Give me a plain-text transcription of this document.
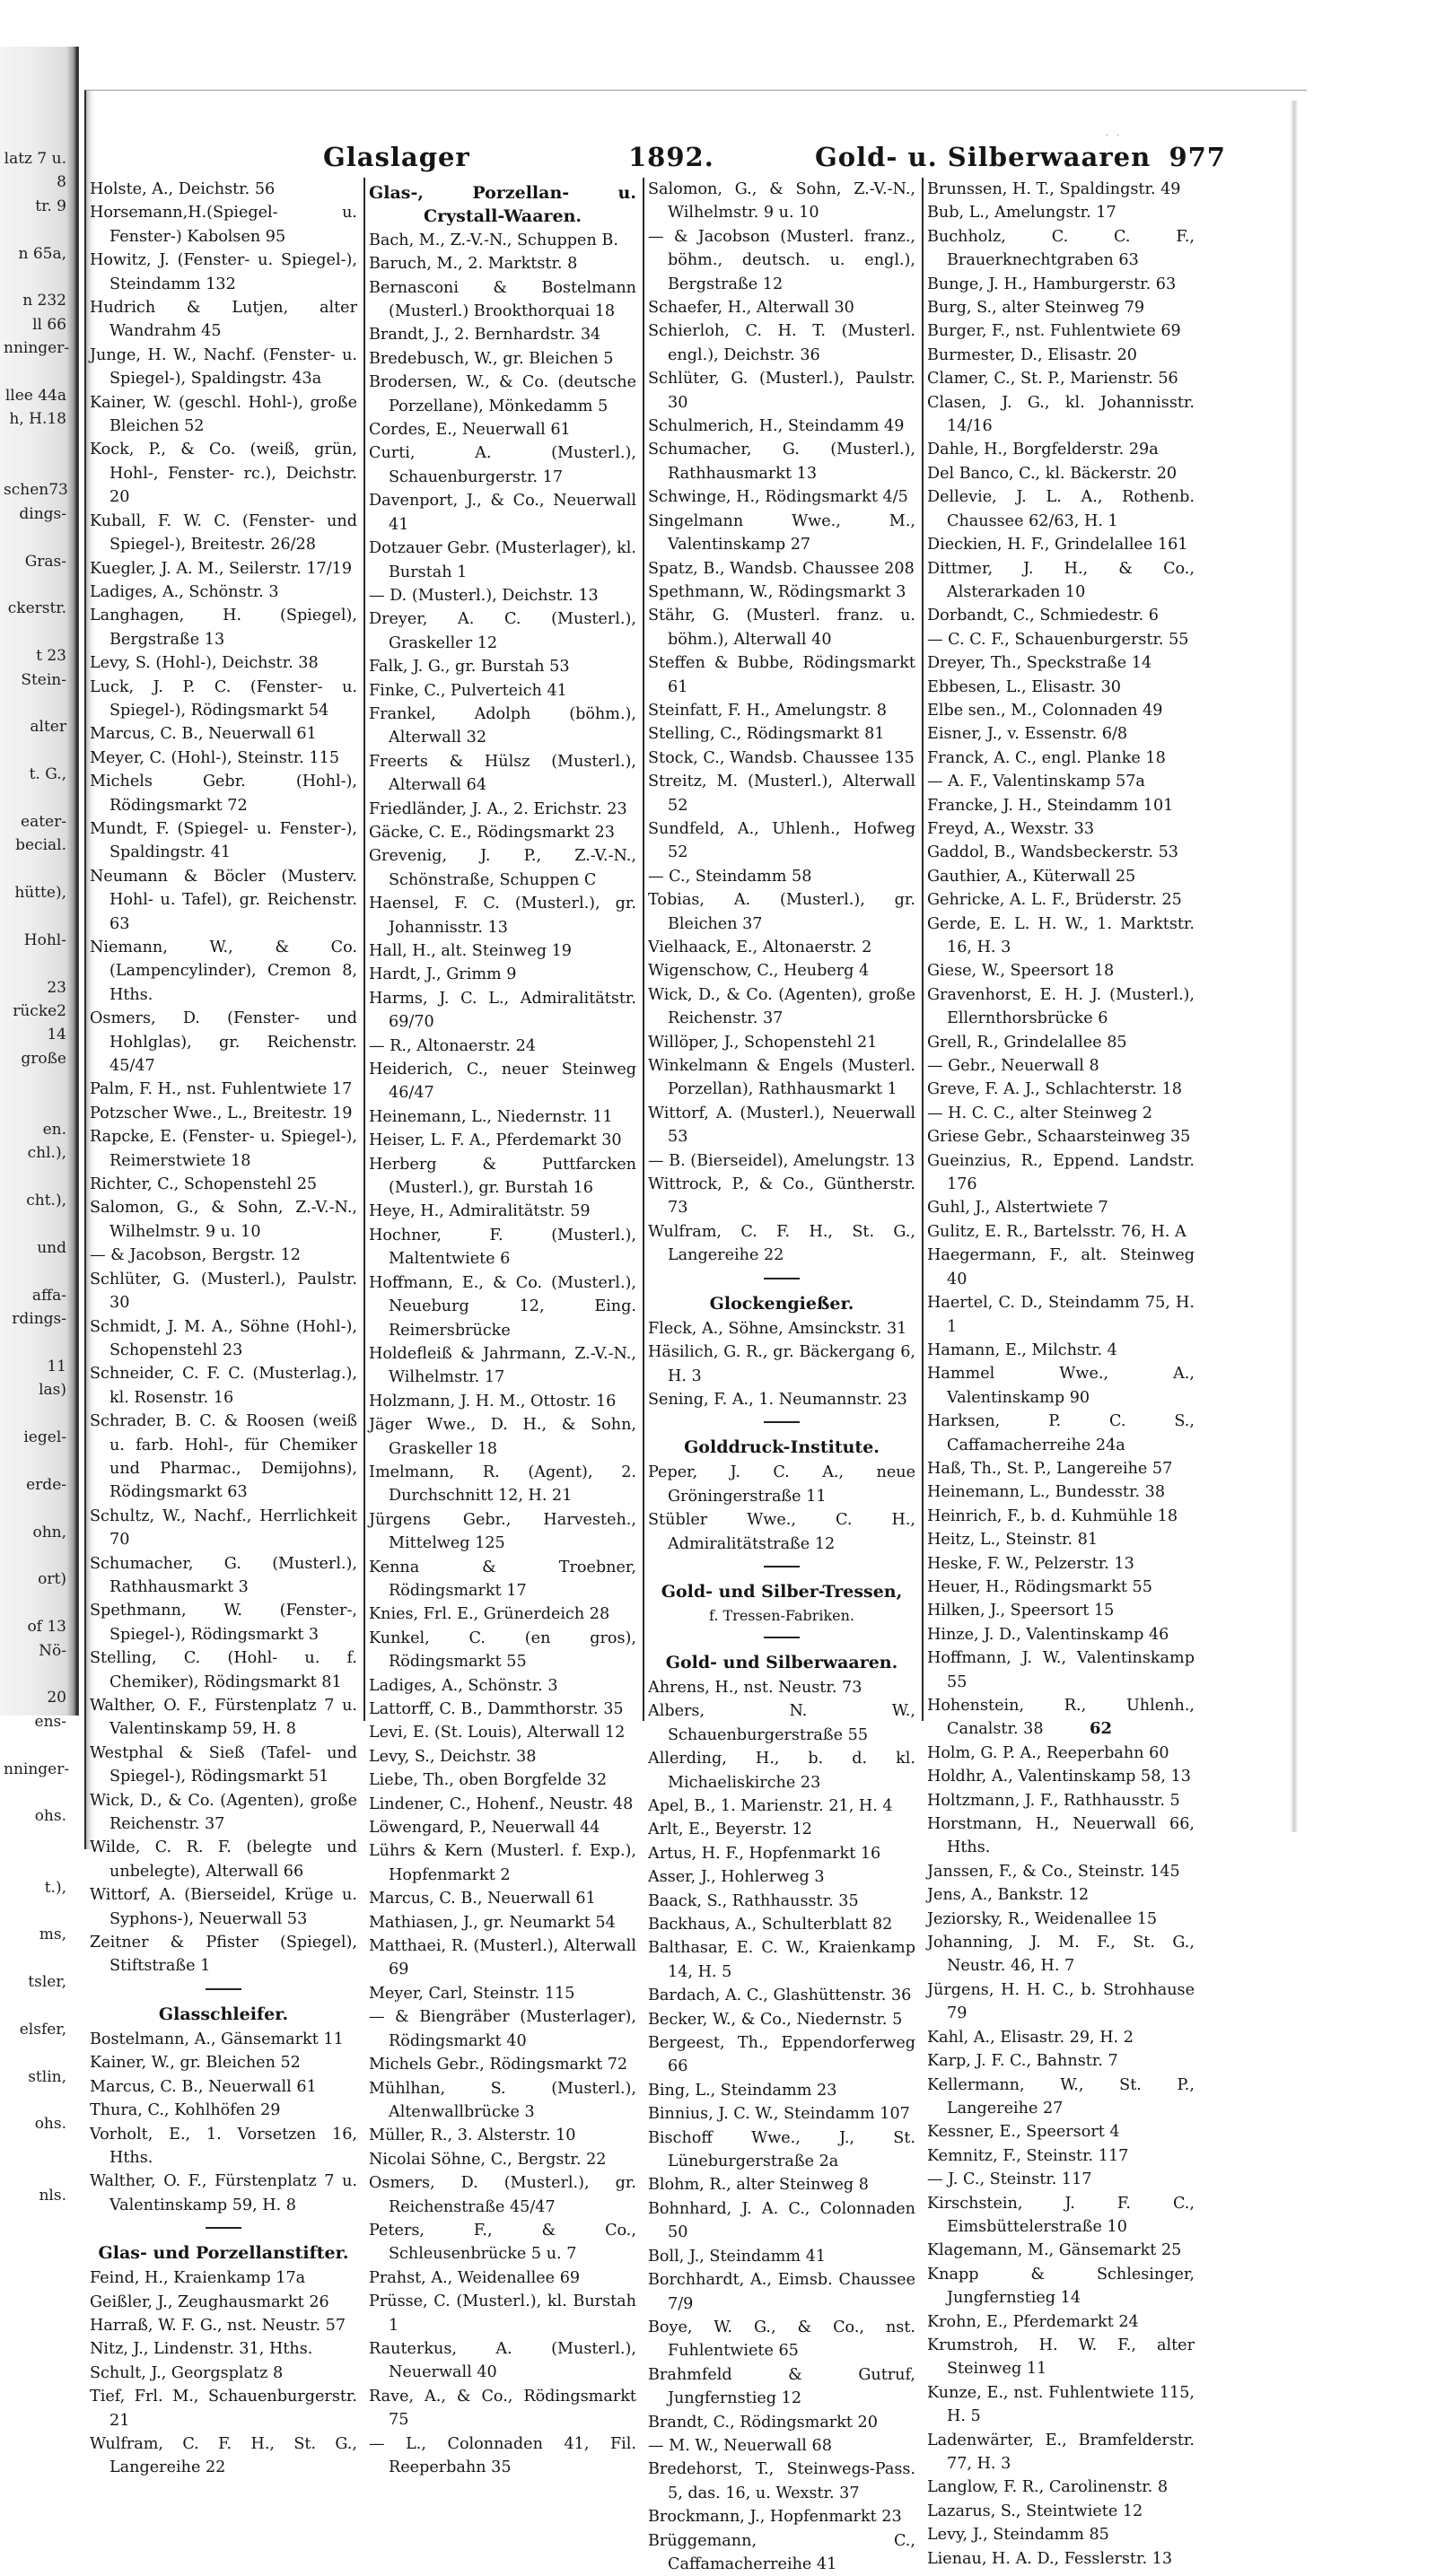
latz 7 u.
8
tr. 9
n 65a,
n 232
ll 66
nninger-
llee 44a
h, H.18
schen73
dings-
Gras-
ckerstr.
t 23
Stein-
alter
t. G.,
eater-
becial.
hütte),
Hohl-
23
rücke2
14
große
en.
chl.),
cht.),
und
affa-
rdings-
11
las)
iegel-
erde-
ohn,
ort)
of 13
Nö-
20
ens-
nninger-
ohs.
t.),
ms,
tsler,
elsfer,
stlin,
ohs.
nls.
· ·
Glaslager	1892.	Gold- u. Silberwaaren 977
Holste, A., Deichstr. 56
Horsemann,H.(Spiegel- u. Fenster-) Kabolsen 95
Howitz, J. (Fenster- u. Spiegel-), Steindamm 132
Hudrich & Lutjen, alter Wandrahm 45
Junge, H. W., Nachf. (Fenster- u. Spiegel-), Spaldingstr. 43a
Kainer, W. (geschl. Hohl-), große Bleichen 52
Kock, P., & Co. (weiß, grün, Hohl-, Fenster- rc.), Deichstr. 20
Kuball, F. W. C. (Fenster- und Spiegel-), Breitestr. 26/28
Kuegler, J. A. M., Seilerstr. 17/19
Ladiges, A., Schönstr. 3
Langhagen, H. (Spiegel), Bergstraße 13
Levy, S. (Hohl-), Deichstr. 38
Luck, J. P. C. (Fenster- u. Spiegel-), Rödingsmarkt 54
Marcus, C. B., Neuerwall 61
Meyer, C. (Hohl-), Steinstr. 115
Michels Gebr. (Hohl-), Rödingsmarkt 72
Mundt, F. (Spiegel- u. Fenster-), Spaldingstr. 41
Neumann & Böcler (Musterv. Hohl- u. Tafel), gr. Reichenstr. 63
Niemann, W., & Co. (Lampencylinder), Cremon 8, Hths.
Osmers, D. (Fenster- und Hohlglas), gr. Reichenstr. 45/47
Palm, F. H., nst. Fuhlentwiete 17
Potzscher Wwe., L., Breitestr. 19
Rapcke, E. (Fenster- u. Spiegel-), Reimerstwiete 18
Richter, C., Schopenstehl 25
Salomon, G., & Sohn, Z.-V.-N., Wilhelmstr. 9 u. 10
— & Jacobson, Bergstr. 12
Schlüter, G. (Musterl.), Paulstr. 30
Schmidt, J. M. A., Söhne (Hohl-), Schopenstehl 23
Schneider, C. F. C. (Musterlag.), kl. Rosenstr. 16
Schrader, B. C. & Roosen (weiß u. farb. Hohl-, für Chemiker und Pharmac., Demijohns), Rödingsmarkt 63
Schultz, W., Nachf., Herrlichkeit 70
Schumacher, G. (Musterl.), Rathhausmarkt 3
Spethmann, W. (Fenster-, Spiegel-), Rödingsmarkt 3
Stelling, C. (Hohl- u. f. Chemiker), Rödingsmarkt 81
Walther, O. F., Fürstenplatz 7 u. Valentinskamp 59, H. 8
Westphal & Sieß (Tafel- und Spiegel-), Rödingsmarkt 51
Wick, D., & Co. (Agenten), große Reichenstr. 37
Wilde, C. R. F. (belegte und unbelegte), Alterwall 66
Wittorf, A. (Bierseidel, Krüge u. Syphons-), Neuerwall 53
Zeitner & Pfister (Spiegel), Stiftstraße 1
Glasschleifer.
Bostelmann, A., Gänsemarkt 11
Kainer, W., gr. Bleichen 52
Marcus, C. B., Neuerwall 61
Thura, C., Kohlhöfen 29
Vorholt, E., 1. Vorsetzen 16, Hths.
Walther, O. F., Fürstenplatz 7 u. Valentinskamp 59, H. 8
Glas- und Porzellanstifter.
Feind, H., Kraienkamp 17a
Geißler, J., Zeughausmarkt 26
Harraß, W. F. G., nst. Neustr. 57
Nitz, J., Lindenstr. 31, Hths.
Schult, J., Georgsplatz 8
Tief, Frl. M., Schauenburgerstr. 21
Wulfram, C. F. H., St. G., Langereihe 22
Glas-, Porzellan- u. Crystall-Waaren.
Bach, M., Z.-V.-N., Schuppen B.
Baruch, M., 2. Marktstr. 8
Bernasconi & Bostelmann (Musterl.) Brookthorquai 18
Brandt, J., 2. Bernhardstr. 34
Bredebusch, W., gr. Bleichen 5
Brodersen, W., & Co. (deutsche Porzellane), Mönkedamm 5
Cordes, E., Neuerwall 61
Curti, A. (Musterl.), Schauenburgerstr. 17
Davenport, J., & Co., Neuerwall 41
Dotzauer Gebr. (Musterlager), kl. Burstah 1
— D. (Musterl.), Deichstr. 13
Dreyer, A. C. (Musterl.), Graskeller 12
Falk, J. G., gr. Burstah 53
Finke, C., Pulverteich 41
Frankel, Adolph (böhm.), Alterwall 32
Freerts & Hülsz (Musterl.), Alterwall 64
Friedländer, J. A., 2. Erichstr. 23
Gäcke, C. E., Rödingsmarkt 23
Grevenig, J. P., Z.-V.-N., Schönstraße, Schuppen C
Haensel, F. C. (Musterl.), gr. Johannisstr. 13
Hall, H., alt. Steinweg 19
Hardt, J., Grimm 9
Harms, J. C. L., Admiralitätstr. 69/70
— R., Altonaerstr. 24
Heiderich, C., neuer Steinweg 46/47
Heinemann, L., Niedernstr. 11
Heiser, L. F. A., Pferdemarkt 30
Herberg & Puttfarcken (Musterl.), gr. Burstah 16
Heye, H., Admiralitätstr. 59
Hochner, F. (Musterl.), Maltentwiete 6
Hoffmann, E., & Co. (Musterl.), Neueburg 12, Eing. Reimersbrücke
Holdefleiß & Jahrmann, Z.-V.-N., Wilhelmstr. 17
Holzmann, J. H. M., Ottostr. 16
Jäger Wwe., D. H., & Sohn, Graskeller 18
Imelmann, R. (Agent), 2. Durchschnitt 12, H. 21
Jürgens Gebr., Harvesteh., Mittelweg 125
Kenna & Troebner, Rödingsmarkt 17
Knies, Frl. E., Grünerdeich 28
Kunkel, C. (en gros), Rödingsmarkt 55
Ladiges, A., Schönstr. 3
Lattorff, C. B., Dammthorstr. 35
Levi, E. (St. Louis), Alterwall 12
Levy, S., Deichstr. 38
Liebe, Th., oben Borgfelde 32
Lindener, C., Hohenf., Neustr. 48
Löwengard, P., Neuerwall 44
Lührs & Kern (Musterl. f. Exp.), Hopfenmarkt 2
Marcus, C. B., Neuerwall 61
Mathiasen, J., gr. Neumarkt 54
Matthaei, R. (Musterl.), Alterwall 69
Meyer, Carl, Steinstr. 115
— & Biengräber (Musterlager), Rödingsmarkt 40
Michels Gebr., Rödingsmarkt 72
Mühlhan, S. (Musterl.), Altenwallbrücke 3
Müller, R., 3. Alsterstr. 10
Nicolai Söhne, C., Bergstr. 22
Osmers, D. (Musterl.), gr. Reichenstraße 45/47
Peters, F., & Co., Schleusenbrücke 5 u. 7
Prahst, A., Weidenallee 69
Prüsse, C. (Musterl.), kl. Burstah 1
Rauterkus, A. (Musterl.), Neuerwall 40
Rave, A., & Co., Rödingsmarkt 75
— L., Colonnaden 41, Fil. Reeperbahn 35
Salomon, G., & Sohn, Z.-V.-N., Wilhelmstr. 9 u. 10
— & Jacobson (Musterl. franz., böhm., deutsch. u. engl.), Bergstraße 12
Schaefer, H., Alterwall 30
Schierloh, C. H. T. (Musterl. engl.), Deichstr. 36
Schlüter, G. (Musterl.), Paulstr. 30
Schulmerich, H., Steindamm 49
Schumacher, G. (Musterl.), Rathhausmarkt 13
Schwinge, H., Rödingsmarkt 4/5
Singelmann Wwe., M., Valentinskamp 27
Spatz, B., Wandsb. Chaussee 208
Spethmann, W., Rödingsmarkt 3
Stähr, G. (Musterl. franz. u. böhm.), Alterwall 40
Steffen & Bubbe, Rödingsmarkt 61
Steinfatt, F. H., Amelungstr. 8
Stelling, C., Rödingsmarkt 81
Stock, C., Wandsb. Chaussee 135
Streitz, M. (Musterl.), Alterwall 52
Sundfeld, A., Uhlenh., Hofweg 52
— C., Steindamm 58
Tobias, A. (Musterl.), gr. Bleichen 37
Vielhaack, E., Altonaerstr. 2
Wigenschow, C., Heuberg 4
Wick, D., & Co. (Agenten), große Reichenstr. 37
Willöper, J., Schopenstehl 21
Winkelmann & Engels (Musterl. Porzellan), Rathhausmarkt 1
Wittorf, A. (Musterl.), Neuerwall 53
— B. (Bierseidel), Amelungstr. 13
Wittrock, P., & Co., Güntherstr. 73
Wulfram, C. F. H., St. G., Langereihe 22
Glockengießer.
Fleck, A., Söhne, Amsinckstr. 31
Häsilich, G. R., gr. Bäckergang 6, H. 3
Sening, F. A., 1. Neumannstr. 23
Golddruck-Institute.
Peper, J. C. A., neue Gröningerstraße 11
Stübler Wwe., C. H., Admiralitätstraße 12
Gold- und Silber-Tressen,
f. Tressen-Fabriken.
Gold- und Silberwaaren.
Ahrens, H., nst. Neustr. 73
Albers, N. W., Schauenburgerstraße 55
Allerding, H., b. d. kl. Michaeliskirche 23
Apel, B., 1. Marienstr. 21, H. 4
Arlt, E., Beyerstr. 12
Artus, H. F., Hopfenmarkt 16
Asser, J., Hohlerweg 3
Baack, S., Rathhausstr. 35
Backhaus, A., Schulterblatt 82
Balthasar, E. C. W., Kraienkamp 14, H. 5
Bardach, A. C., Glashüttenstr. 36
Becker, W., & Co., Niedernstr. 5
Bergeest, Th., Eppendorferweg 66
Bing, L., Steindamm 23
Binnius, J. C. W., Steindamm 107
Bischoff Wwe., J., St. Lüneburgerstraße 2a
Blohm, R., alter Steinweg 8
Bohnhard, J. A. C., Colonnaden 50
Boll, J., Steindamm 41
Borchhardt, A., Eimsb. Chaussee 7/9
Boye, W. G., & Co., nst. Fuhlentwiete 65
Brahmfeld & Gutruf, Jungfernstieg 12
Brandt, C., Rödingsmarkt 20
— M. W., Neuerwall 68
Bredehorst, T., Steinwegs-Pass. 5, das. 16, u. Wexstr. 37
Brockmann, J., Hopfenmarkt 23
Brüggemann, C., Caffamacherreihe 41
Brunssen, H. T., Spaldingstr. 49
Bub, L., Amelungstr. 17
Buchholz, C. C. F., Brauerknechtgraben 63
Bunge, J. H., Hamburgerstr. 63
Burg, S., alter Steinweg 79
Burger, F., nst. Fuhlentwiete 69
Burmester, D., Elisastr. 20
Clamer, C., St. P., Marienstr. 56
Clasen, J. G., kl. Johannisstr. 14/16
Dahle, H., Borgfelderstr. 29a
Del Banco, C., kl. Bäckerstr. 20
Dellevie, J. L. A., Rothenb. Chaussee 62/63, H. 1
Dieckien, H. F., Grindelallee 161
Dittmer, J. H., & Co., Alsterarkaden 10
Dorbandt, C., Schmiedestr. 6
— C. C. F., Schauenburgerstr. 55
Dreyer, Th., Speckstraße 14
Ebbesen, L., Elisastr. 30
Elbe sen., M., Colonnaden 49
Eisner, J., v. Essenstr. 6/8
Franck, A. C., engl. Planke 18
— A. F., Valentinskamp 57a
Francke, J. H., Steindamm 101
Freyd, A., Wexstr. 33
Gaddol, B., Wandsbeckerstr. 53
Gauthier, A., Küterwall 25
Gehricke, A. L. F., Brüderstr. 25
Gerde, E. L. H. W., 1. Marktstr. 16, H. 3
Giese, W., Speersort 18
Gravenhorst, E. H. J. (Musterl.), Ellernthorsbrücke 6
Grell, R., Grindelallee 85
— Gebr., Neuerwall 8
Greve, F. A. J., Schlachterstr. 18
— H. C. C., alter Steinweg 2
Griese Gebr., Schaarsteinweg 35
Gueinzius, R., Eppend. Landstr. 176
Guhl, J., Alstertwiete 7
Gulitz, E. R., Bartelsstr. 76, H. A
Haegermann, F., alt. Steinweg 40
Haertel, C. D., Steindamm 75, H. 1
Hamann, E., Milchstr. 4
Hammel Wwe., A., Valentinskamp 90
Harksen, P. C. S., Caffamacherreihe 24a
Haß, Th., St. P., Langereihe 57
Heinemann, L., Bundesstr. 38
Heinrich, F., b. d. Kuhmühle 18
Heitz, L., Steinstr. 81
Heske, F. W., Pelzerstr. 13
Heuer, H., Rödingsmarkt 55
Hilken, J., Speersort 15
Hinze, J. D., Valentinskamp 46
Hoffmann, J. W., Valentinskamp 55
Hohenstein, R., Uhlenh., Canalstr. 38
Holm, G. P. A., Reeperbahn 60
Holdhr, A., Valentinskamp 58, 13
Holtzmann, J. F., Rathhausstr. 5
Horstmann, H., Neuerwall 66, Hths.
Janssen, F., & Co., Steinstr. 145
Jens, A., Bankstr. 12
Jeziorsky, R., Weidenallee 15
Johanning, J. M. F., St. G., Neustr. 46, H. 7
Jürgens, H. H. C., b. Strohhause 79
Kahl, A., Elisastr. 29, H. 2
Karp, J. F. C., Bahnstr. 7
Kellermann, W., St. P., Langereihe 27
Kessner, E., Speersort 4
Kemnitz, F., Steinstr. 117
— J. C., Steinstr. 117
Kirschstein, J. F. C., Eimsbüttelerstraße 10
Klagemann, M., Gänsemarkt 25
Knapp & Schlesinger, Jungfernstieg 14
Krohn, E., Pferdemarkt 24
Krumstroh, H. W. F., alter Steinweg 11
Kunze, E., nst. Fuhlentwiete 115, H. 5
Ladenwärter, E., Bramfelderstr. 77, H. 3
Langlow, F. R., Carolinenstr. 8
Lazarus, S., Steintwiete 12
Levy, J., Steindamm 85
Lienau, H. A. D., Fesslerstr. 13
62
